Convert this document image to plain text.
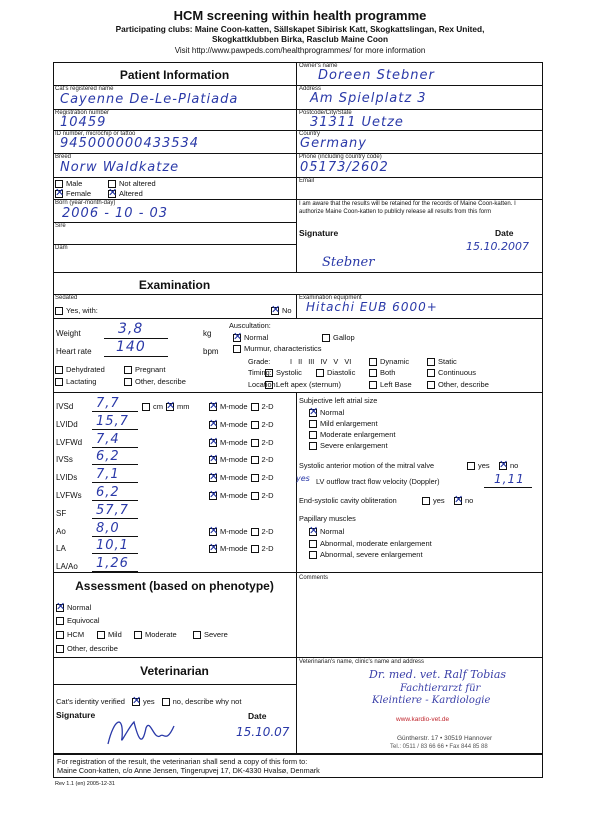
HCM screening within health programme
Participating clubs: Maine Coon-katten, Sällskapet Sibirisk Katt, Skogkattslingan, Rex United,
Skogkattklubben Birka, Rasclub Maine Coon
Visit http://www.pawpeds.com/healthprogrammes/ for more information
Patient Information
Cat's registered name
Cayenne De-Le-Platiada
Registration number
10459
ID number, microchip or tattoo
945000000433534
Breed
Norw Waldkatze
Male	Not altered
✕
Female ✕	Altered
Born (year-month-day)
2006 - 10 - 03
Sire
Dam
Owner's name
Doreen Stebner
Address
Am Spielplatz 3
Postcode/City/State
31311 Uetze
Country
Germany
Phone (including country code)
05173/2602
Email
I am aware that the results will be retained for the records of Maine Coon-katten. I authorize Maine Coon-katten to publicly release all results from this form
Signature	Date
15.10.2007
Stebner
Examination
Sedated
Yes, with: ✕	No
Examination equipment
Hitachi EUB 6000+
Weight	3,8	kg
Heart rate 140	bpm
Dehydrated	Pregnant
Lactating	Other, describe
Auscultation:
✕
Normal	Gallop
Murmur, characteristics
Grade:	I   II   III   IV   V   VI	Dynamic	Static
Timing: Systolic	Diastolic	Both	Continuous
Location:
Left apex (sternum)	Left Base	Other, describe
IVSd 7,7	cm ✕ mm ✕	M-mode 2-D
LVIDd 15,7 ✕	M-mode 2-D
LVFWd 7,4 ✕	M-mode 2-D
IVSs 6,2 ✕	M-mode 2-D
LVIDs 7,1 ✕	M-mode 2-D
LVFWs 6,2 ✕	M-mode 2-D
SF 57,7
Ao 8,0 ✕	M-mode 2-D
LA 10,1 ✕	M-mode 2-D
LA/Ao 1,26
Subjective left atrial size
✕
Normal
Mild enlargement
Moderate enlargement
Severe enlargement
Systolic anterior motion of the mitral valve	yes ✕	no
yes LV outflow tract flow velocity (Doppler)	1,11
End-systolic cavity obliteration	yes ✕	no
Papillary muscles
✕
Normal
Abnormal, moderate enlargement
Abnormal, severe enlargement
Assessment (based on phenotype)
Comments
✕
Normal
Equivocal
HCM	Mild	Moderate	Severe
Other, describe
Veterinarian
Cat's identity verified ✕ yes no, describe why not
Signature	Date
15.10.07
Veterinarian's name, clinic's name and address
Dr. med. vet. Ralf Tobias
Fachtierarzt für
Kleintiere - Kardiologie
www.kardio-vet.de
Güntherstr. 17 • 30519 Hannover
Tel.: 0511 / 83 66 66 • Fax 844 85 88
For registration of the result, the veterinarian shall send a copy of this form to:
Maine Coon-katten, c/o Anne Jensen, Tingerupvej 17, DK-4330 Hvalsø, Denmark
Rev 1.1 (en) 2005-12-31
